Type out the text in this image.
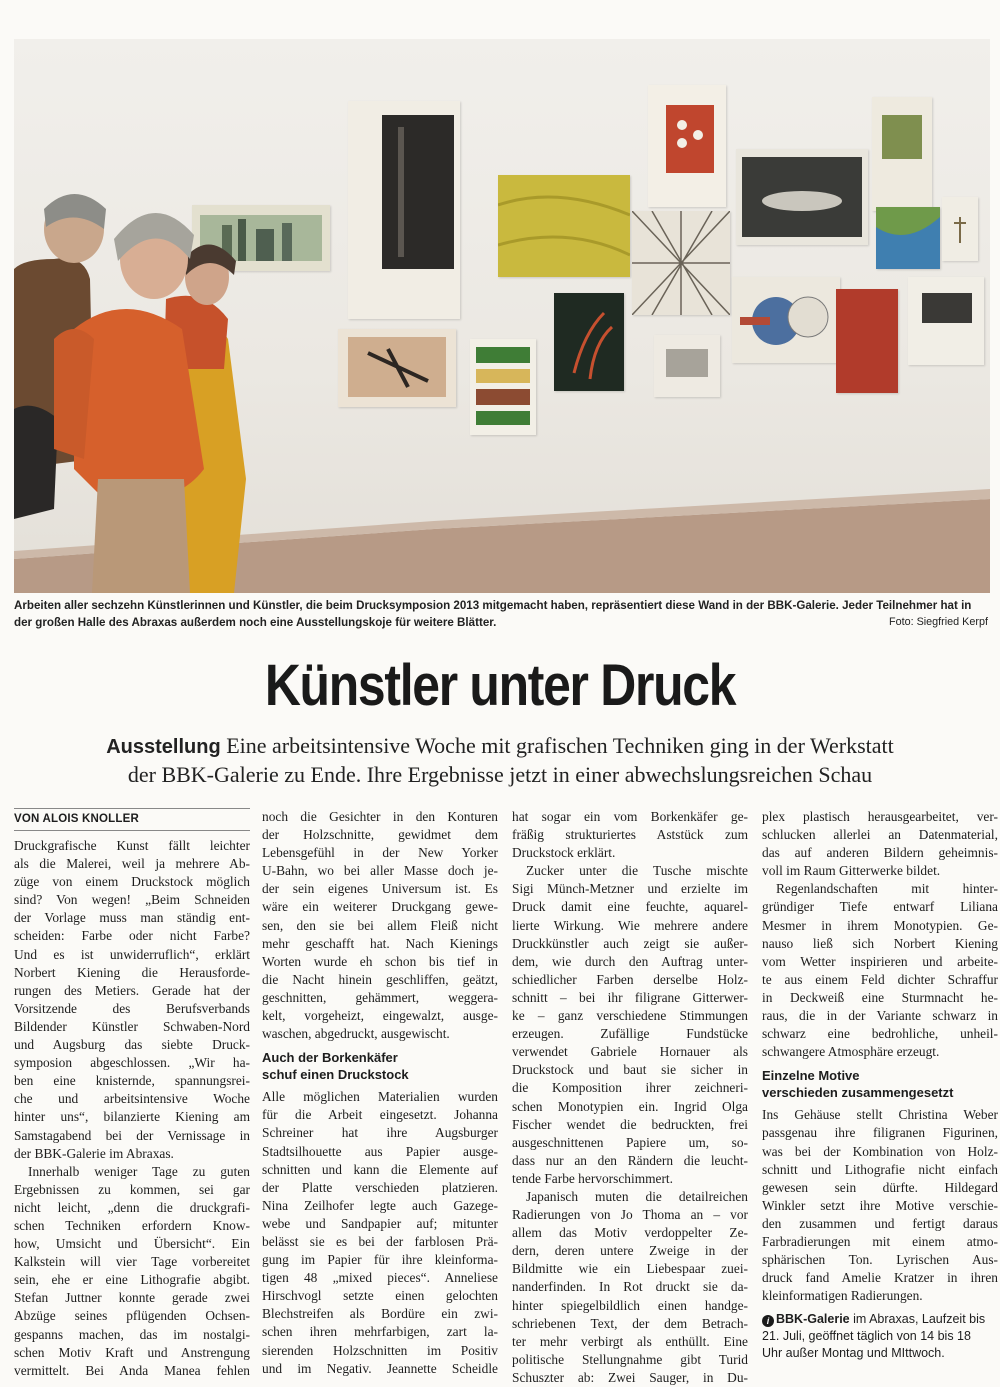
Arbeiten aller sechzehn Künstlerinnen und Künstler, die beim Drucksymposion 2013 mitgemacht haben, repräsentiert diese Wand in der BBK-Galerie. Jeder Teilnehmer hat in der großen Halle des Abraxas außerdem noch eine Ausstellungskoje für weitere Blätter.	Foto: Siegfried Kerpf
Künstler unter Druck
Ausstellung Eine arbeitsintensive Woche mit grafischen Techniken ging in der Werkstatt
der BBK-Galerie zu Ende. Ihre Ergebnisse jetzt in einer abwechslungsreichen Schau
VON ALOIS KNOLLER
Druckgrafische Kunst fällt leichter
als die Malerei, weil ja mehrere Ab-
züge von einem Druckstock möglich
sind? Von wegen! „Beim Schneiden
der Vorlage muss man ständig ent-
scheiden: Farbe oder nicht Farbe?
Und es ist unwiderruflich“, erklärt
Norbert Kiening die Herausforde-
rungen des Metiers. Gerade hat der
Vorsitzende des Berufsverbands
Bildender Künstler Schwaben-Nord
und Augsburg das siebte Druck-
symposion abgeschlossen. „Wir ha-
ben eine knisternde, spannungsrei-
che und arbeitsintensive Woche
hinter uns“, bilanzierte Kiening am
Samstagabend bei der Vernissage in
der BBK-Galerie im Abraxas.
Innerhalb weniger Tage zu guten
Ergebnissen zu kommen, sei gar
nicht leicht, „denn die druckgrafi-
schen Techniken erfordern Know-
how, Umsicht und Übersicht“. Ein
Kalkstein will vier Tage vorbereitet
sein, ehe er eine Lithografie abgibt.
Stefan Juttner konnte gerade zwei
Abzüge seines pflügenden Ochsen-
gespanns machen, das im nostalgi-
schen Motiv Kraft und Anstrengung
vermittelt. Bei Anda Manea fehlen
noch die Gesichter in den Konturen
der Holzschnitte, gewidmet dem
Lebensgefühl in der New Yorker
U-Bahn, wo bei aller Masse doch je-
der sein eigenes Universum ist. Es
wäre ein weiterer Druckgang gewe-
sen, den sie bei allem Fleiß nicht
mehr geschafft hat. Nach Kienings
Worten wurde eh schon bis tief in
die Nacht hinein geschliffen, geätzt,
geschnitten, gehämmert, weggera-
kelt, vorgeheizt, eingewalzt, ausge-
waschen, abgedruckt, ausgewischt.
Auch der Borkenkäfer
schuf einen Druckstock
Alle möglichen Materialien wurden
für die Arbeit eingesetzt. Johanna
Schreiner hat ihre Augsburger
Stadtsilhouette aus Papier ausge-
schnitten und kann die Elemente auf
der Platte verschieden platzieren.
Nina Zeilhofer legte auch Gazege-
webe und Sandpapier auf; mitunter
belässt sie es bei der farblosen Prä-
gung im Papier für ihre kleinforma-
tigen 48 „mixed pieces“. Anneliese
Hirschvogl setzte einen gelochten
Blechstreifen als Bordüre ein zwi-
schen ihren mehrfarbigen, zart la-
sierenden Holzschnitten im Positiv
und im Negativ. Jeannette Scheidle
hat sogar ein vom Borkenkäfer ge-
fräßig strukturiertes Aststück zum
Druckstock erklärt.
Zucker unter die Tusche mischte
Sigi Münch-Metzner und erzielte im
Druck damit eine feuchte, aquarel-
lierte Wirkung. Wie mehrere andere
Druckkünstler auch zeigt sie außer-
dem, wie durch den Auftrag unter-
schiedlicher Farben derselbe Holz-
schnitt – bei ihr filigrane Gitterwer-
ke – ganz verschiedene Stimmungen
erzeugen. Zufällige Fundstücke
verwendet Gabriele Hornauer als
Druckstock und baut sie sicher in
die Komposition ihrer zeichneri-
schen Monotypien ein. Ingrid Olga
Fischer wendet die bedruckten, frei
ausgeschnittenen Papiere um, so-
dass nur an den Rändern die leucht-
tende Farbe hervorschimmert.
Japanisch muten die detailreichen
Radierungen von Jo Thoma an – vor
allem das Motiv verdoppelter Ze-
dern, deren untere Zweige in der
Bildmitte wie ein Liebespaar zuei-
nanderfinden. In Rot druckt sie da-
hinter spiegelbildlich einen handge-
schriebenen Text, der dem Betrach-
ter mehr verbirgt als enthüllt. Eine
politische Stellungnahme gibt Turid
Schuszter ab: Zwei Sauger, in Du-
plex plastisch herausgearbeitet, ver-
schlucken allerlei an Datenmaterial,
das auf anderen Bildern geheimnis-
voll im Raum Gitterwerke bildet.
Regenlandschaften mit hinter-
gründiger Tiefe entwarf Liliana
Mesmer in ihrem Monotypien. Ge-
nauso ließ sich Norbert Kiening
vom Wetter inspirieren und arbeite-
te aus einem Feld dichter Schraffur
in Deckweiß eine Sturmnacht he-
raus, die in der Variante schwarz in
schwarz eine bedrohliche, unheil-
schwangere Atmosphäre erzeugt.
Einzelne Motive
verschieden zusammengesetzt
Ins Gehäuse stellt Christina Weber
passgenau ihre filigranen Figurinen,
was bei der Kombination von Holz-
schnitt und Lithografie nicht einfach
gewesen sein dürfte. Hildegard
Winkler setzt ihre Motive verschie-
den zusammen und fertigt daraus
Farbradierungen mit einem atmo-
sphärischen Ton. Lyrischen Aus-
druck fand Amelie Kratzer in ihren
kleinformatigen Radierungen.
i BBK-Galerie im Abraxas, Laufzeit bis
21. Juli, geöffnet täglich von 14 bis 18
Uhr außer Montag und MIttwoch.
